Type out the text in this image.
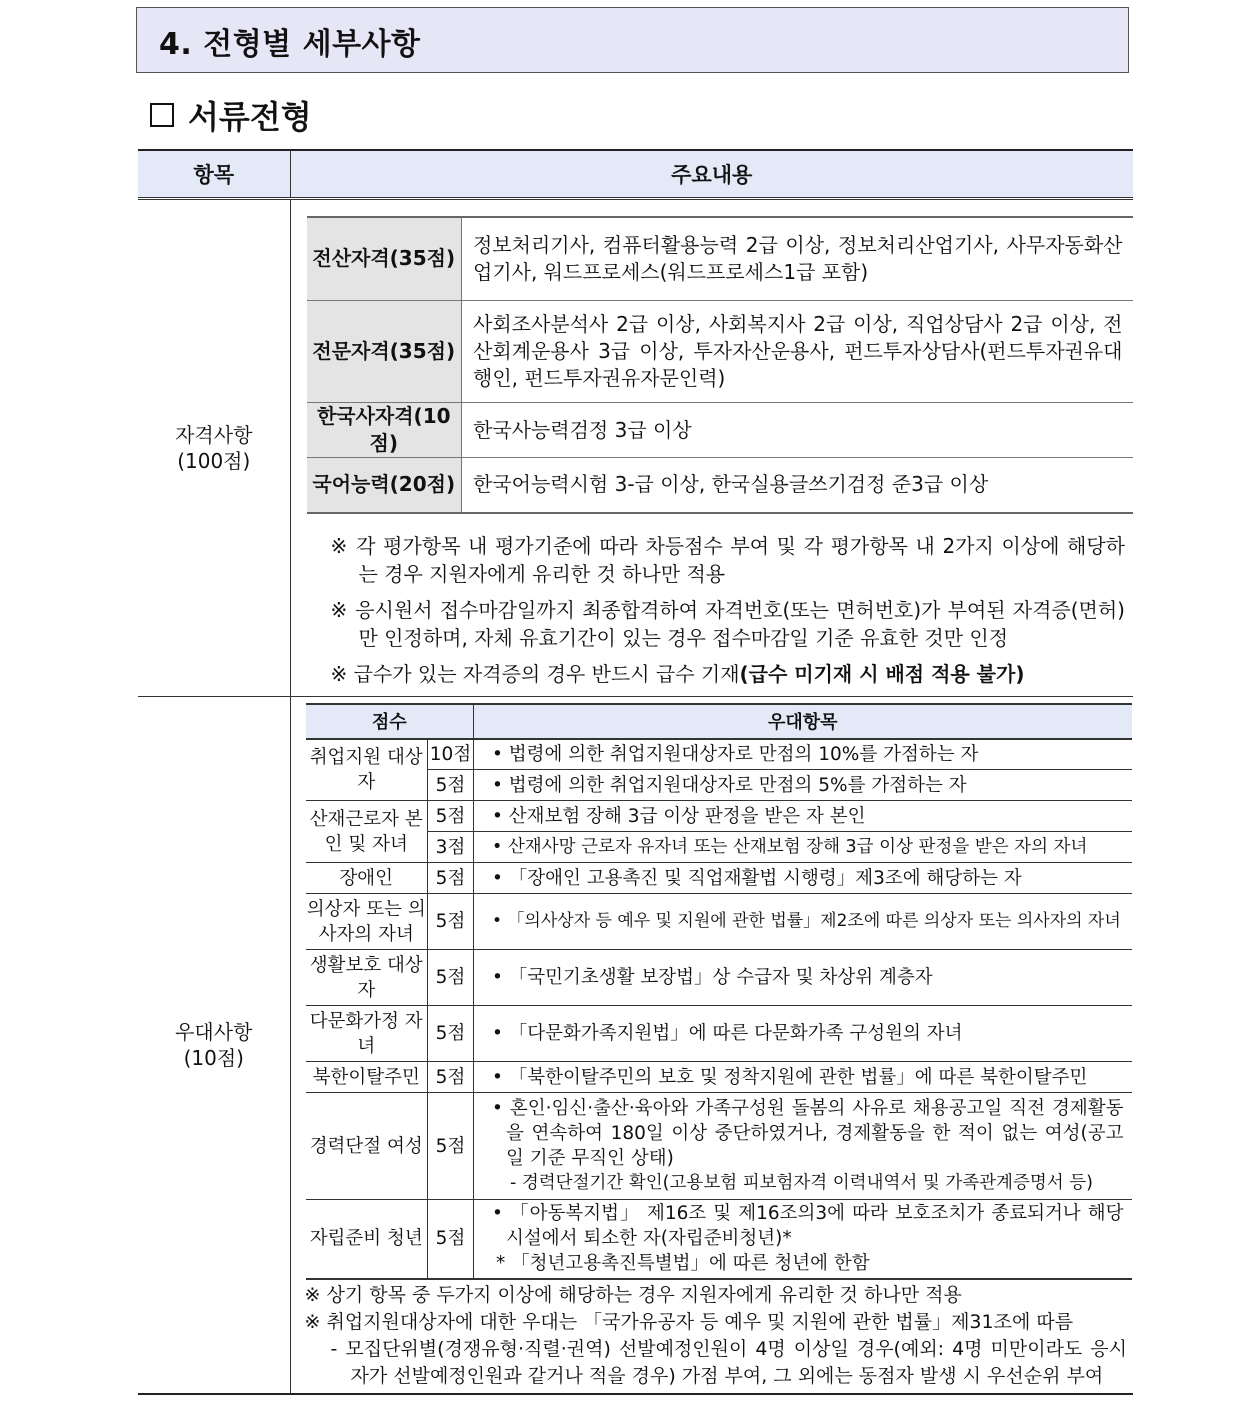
4. 전형별 세부사항
서류전형
항목	주요내용

자격사항
(100점)

전산자격(35점)	정보처리기사, 컴퓨터활용능력 2급 이상, 정보처리산업기사, 사무자동화산업기사, 워드프로세스(워드프로세스1급 포함)
전문자격(35점)	사회조사분석사 2급 이상, 사회복지사 2급 이상, 직업상담사 2급 이상, 전산회계운용사 3급 이상, 투자자산운용사, 펀드투자상담사(펀드투자권유대행인, 펀드투자권유자문인력)
한국사자격(10점)	한국사능력검정 3급 이상
국어능력(20점)	한국어능력시험 3-급 이상, 한국실용글쓰기검정 준3급 이상
※ 각 평가항목 내 평가기준에 따라 차등점수 부여 및 각 평가항목 내 2가지 이상에 해당하는 경우 지원자에게 유리한 것 하나만 적용
※ 응시원서 접수마감일까지 최종합격하여 자격번호(또는 면허번호)가 부여된 자격증(면허)만 인정하며, 자체 유효기간이 있는 경우 접수마감일 기준 유효한 것만 인정
※ 급수가 있는 자격증의 경우 반드시 급수 기재(급수 미기재 시 배점 적용 불가)

우대사항
(10점)

점수	우대항목
취업지원 대상자	10점	• 법령에 의한 취업지원대상자로 만점의 10%를 가점하는 자
5점	• 법령에 의한 취업지원대상자로 만점의 5%를 가점하는 자
산재근로자 본인 및 자녀	5점	• 산재보험 장해 3급 이상 판정을 받은 자 본인
3점	• 산재사망 근로자 유자녀 또는 산재보험 장해 3급 이상 판정을 받은 자의 자녀
장애인	5점	• 「장애인 고용촉진 및 직업재활법 시행령」제3조에 해당하는 자
의상자 또는 의사자의 자녀	5점	• 「의사상자 등 예우 및 지원에 관한 법률」제2조에 따른 의상자 또는 의사자의 자녀
생활보호 대상자	5점	• 「국민기초생활 보장법」상 수급자 및 차상위 계층자
다문화가정 자녀	5점	• 「다문화가족지원법」에 따른 다문화가족 구성원의 자녀
북한이탈주민	5점	• 「북한이탈주민의 보호 및 정착지원에 관한 법률」에 따른 북한이탈주민
경력단절 여성	5점	
• 혼인·임신·출산·육아와 가족구성원 돌봄의 사유로 채용공고일 직전 경제활동을 연속하여 180일 이상 중단하였거나, 경제활동을 한 적이 없는 여성(공고일 기준 무직인 상태)
- 경력단절기간 확인(고용보험 피보험자격 이력내역서 및 가족관계증명서 등)

자립준비 청년	5점	
• 「아동복지법」 제16조 및 제16조의3에 따라 보호조치가 종료되거나 해당 시설에서 퇴소한 자(자립준비청년)*
* 「청년고용촉진특별법」에 따른 청년에 한함
※ 상기 항목 중 두가지 이상에 해당하는 경우 지원자에게 유리한 것 하나만 적용
※ 취업지원대상자에 대한 우대는 「국가유공자 등 예우 및 지원에 관한 법률」제31조에 따름
- 모집단위별(경쟁유형·직렬·권역) 선발예정인원이 4명 이상일 경우(예외: 4명 미만이라도 응시자가 선발예정인원과 같거나 적을 경우) 가점 부여, 그 외에는 동점자 발생 시 우선순위 부여
